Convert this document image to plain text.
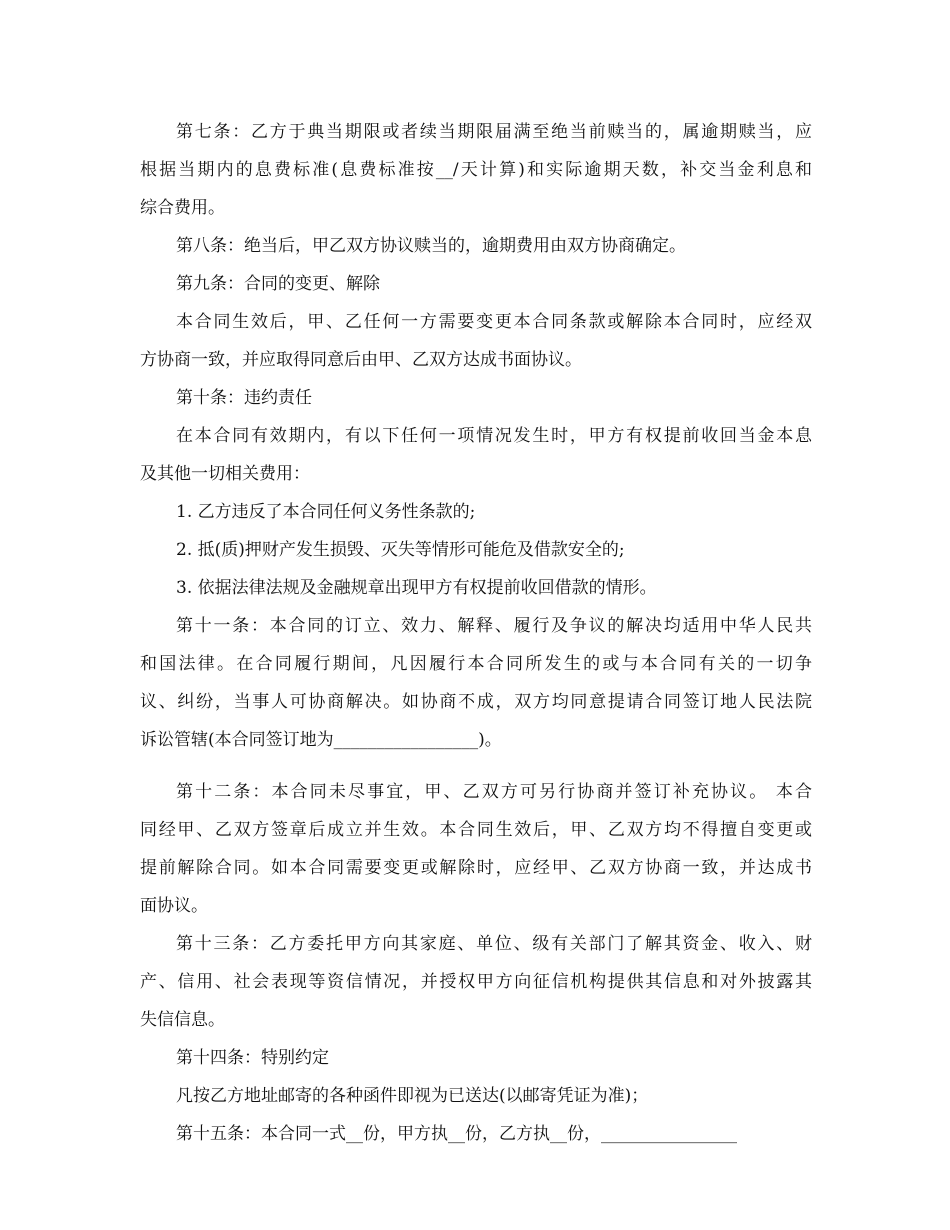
第七条：乙方于典当期限或者续当期限届满至绝当前赎当的，属逾期赎当，应
根据当期内的息费标准(息费标准按__/天计算)和实际逾期天数，补交当金利息和
综合费用。
第八条：绝当后，甲乙双方协议赎当的，逾期费用由双方协商确定。
第九条：合同的变更、解除
本合同生效后，甲、乙任何一方需要变更本合同条款或解除本合同时，应经双
方协商一致，并应取得同意后由甲、乙双方达成书面协议。
第十条：违约责任
在本合同有效期内，有以下任何一项情况发生时，甲方有权提前收回当金本息
及其他一切相关费用：
1. 乙方违反了本合同任何义务性条款的;
2. 抵(质)押财产发生损毁、灭失等情形可能危及借款安全的;
3. 依据法律法规及金融规章出现甲方有权提前收回借款的情形。
第十一条：本合同的订立、效力、解释、履行及争议的解决均适用中华人民共
和国法律。在合同履行期间，凡因履行本合同所发生的或与本合同有关的一切争
议、纠纷，当事人可协商解决。如协商不成，双方均同意提请合同签订地人民法院
诉讼管辖(本合同签订地为_________________)。
第十二条：本合同未尽事宜，甲、乙双方可另行协商并签订补充协议。 本合
同经甲、乙双方签章后成立并生效。本合同生效后，甲、乙双方均不得擅自变更或
提前解除合同。如本合同需要变更或解除时，应经甲、乙双方协商一致，并达成书
面协议。
第十三条：乙方委托甲方向其家庭、单位、级有关部门了解其资金、收入、财
产、信用、社会表现等资信情况，并授权甲方向征信机构提供其信息和对外披露其
失信信息。
第十四条：特别约定
凡按乙方地址邮寄的各种函件即视为已送达(以邮寄凭证为准)；
第十五条：本合同一式__份，甲方执__份，乙方执__份，________________
